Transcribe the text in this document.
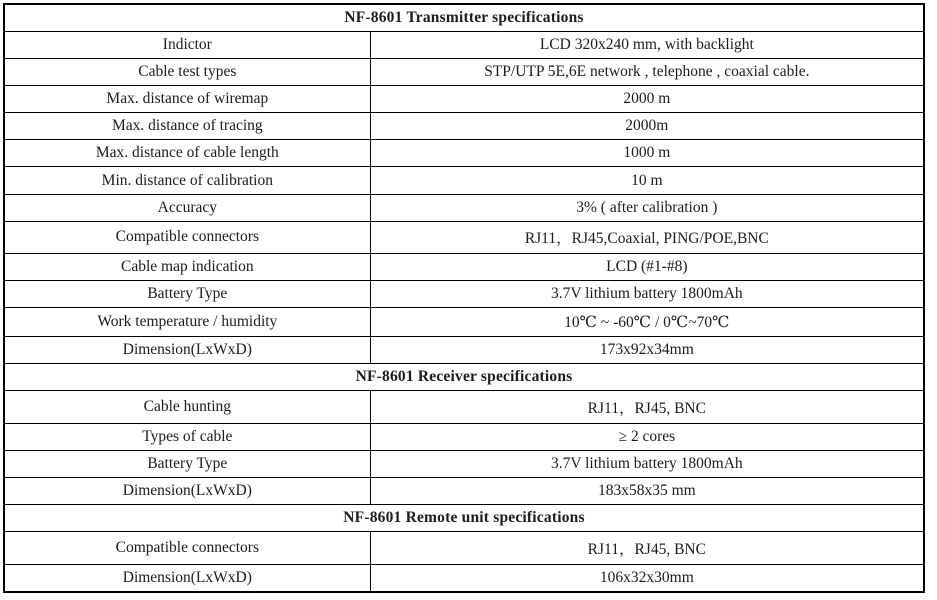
NF-8601 Transmitter specifications	
Indictor	LCD 320x240 mm, with backlight
Cable test types	STP/UTP 5E,6E network , telephone , coaxial cable.
Max. distance of wiremap	2000 m
Max. distance of tracing	2000m
Max. distance of cable length	1000 m
Min. distance of calibration	10 m
Accuracy	3% ( after calibration )
Compatible connectors	RJ11，RJ45,Coaxial, PING/POE,BNC
Cable map indication	LCD (#1-#8)
Battery Type	3.7V lithium battery 1800mAh
Work temperature / humidity	10℃ ~ -60℃ / 0℃~70℃
Dimension(LxWxD)	173x92x34mm
NF-8601 Receiver specifications	
Cable hunting	RJ11，RJ45, BNC
Types of cable	≥ 2 cores
Battery Type	3.7V lithium battery 1800mAh
Dimension(LxWxD)	183x58x35 mm
NF-8601 Remote unit specifications	
Compatible connectors	RJ11，RJ45, BNC
Dimension(LxWxD)	106x32x30mm
